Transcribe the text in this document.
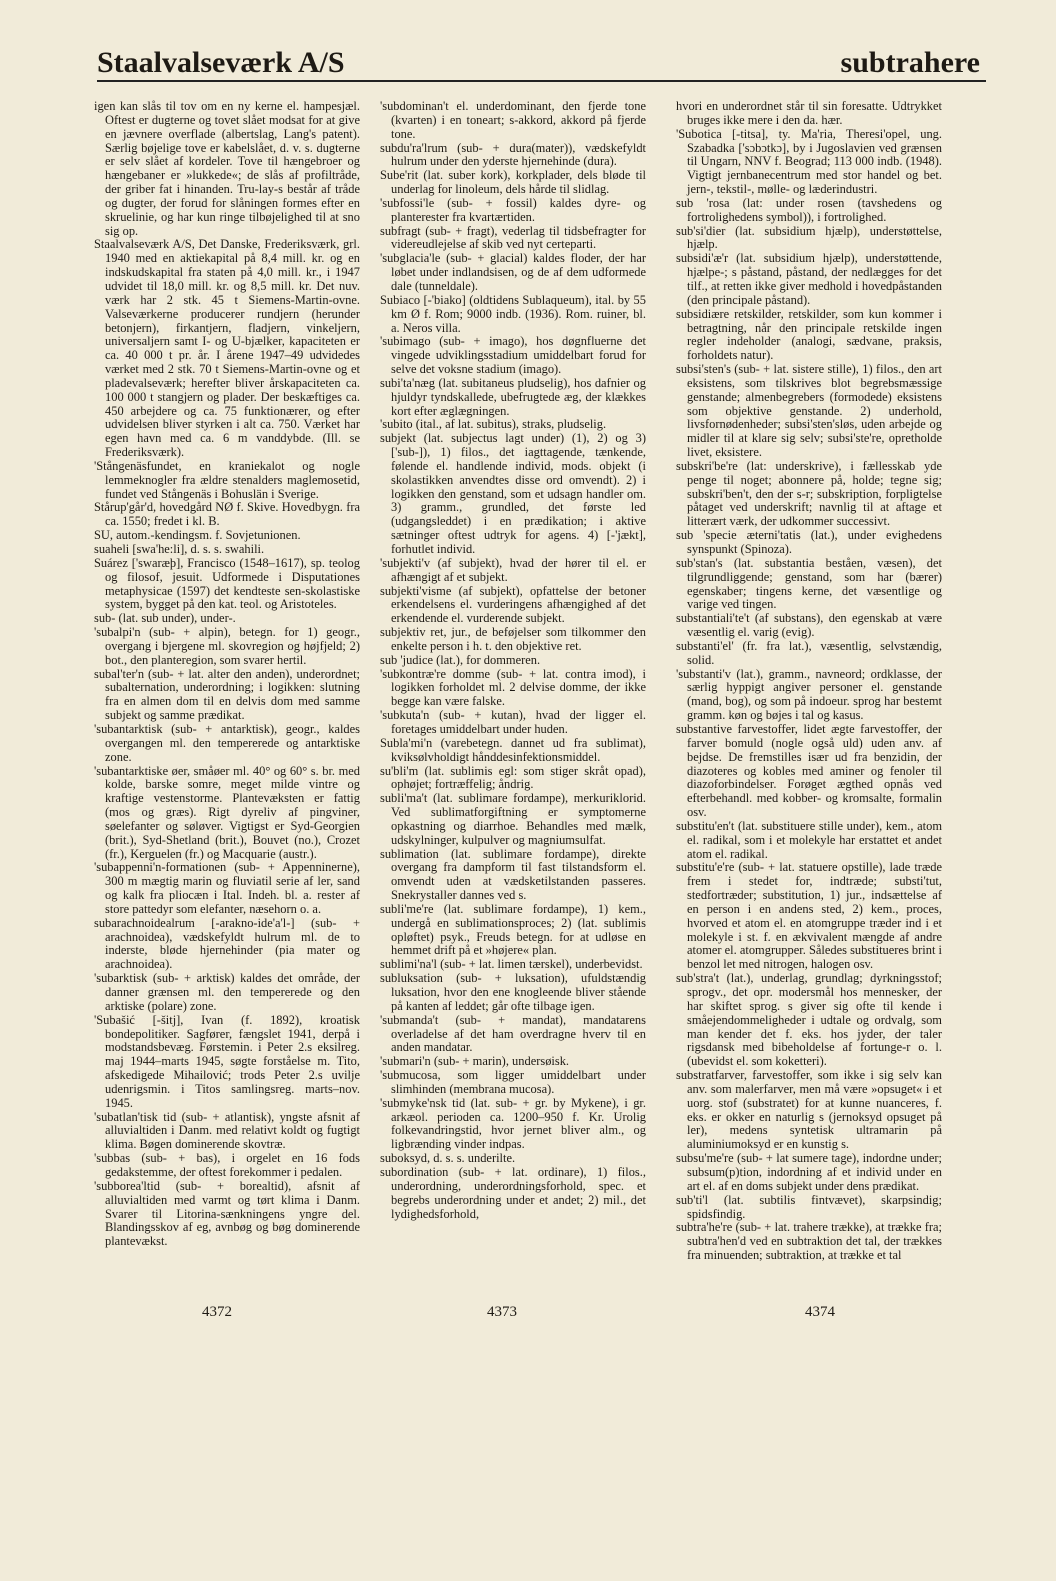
Staalvalseværk A/S	subtrahere

igen kan slås til tov om en ny kerne el. hampesjæl. Oftest er dugterne og tovet slået modsat for at give en jævnere overflade (albertslag, Lang's patent). Særlig bøjelige tove er kabelslået, d. v. s. dugterne er selv slået af kordeler. Tove til hængebroer og hængebaner er »lukkede«; de slås af profiltråde, der griber fat i hinanden. Tru-lay-s består af tråde og dugter, der forud for slåningen formes efter en skruelinie, og har kun ringe tilbøjelighed til at sno sig op.

Staalvalseværk A/S, Det Danske, Frederiksværk, grl. 1940 med en aktiekapital på 8,4 mill. kr. og en indskudskapital fra staten på 4,0 mill. kr., i 1947 udvidet til 18,0 mill. kr. og 8,5 mill. kr. Det nuv. værk har 2 stk. 45 t Siemens-Martin-ovne. Valseværkerne producerer rundjern (herunder betonjern), firkantjern, fladjern, vinkeljern, universaljern samt I- og U-bjælker, kapaciteten er ca. 40 000 t pr. år. I årene 1947–49 udvidedes værket med 2 stk. 70 t Siemens-Martin-ovne og et pladevalseværk; herefter bliver årskapaciteten ca. 100 000 t stangjern og plader. Der beskæftiges ca. 450 arbejdere og ca. 75 funktionærer, og efter udvidelsen bliver styrken i alt ca. 750. Værket har egen havn med ca. 6 m vanddybde. (Ill. se Frederiksværk).

'Stångenäsfundet, en kraniekalot og nogle lemmeknogler fra ældre stenalders maglemosetid, fundet ved Stångenäs i Bohuslän i Sverige.

Stårup'går'd, hovedgård NØ f. Skive. Hovedbygn. fra ca. 1550; fredet i kl. B.

SU, autom.-kendingsm. f. Sovjetunionen.

suaheli [swa'he:li], d. s. s. swahili.

Suárez ['swaræþ], Francisco (1548–1617), sp. teolog og filosof, jesuit. Udformede i Disputationes metaphysicae (1597) det kendteste sen-skolastiske system, bygget på den kat. teol. og Aristoteles.

sub- (lat. sub under), under-.

'subalpi'n (sub- + alpin), betegn. for 1) geogr., overgang i bjergene ml. skovregion og højfjeld; 2) bot., den planteregion, som svarer hertil.

subal'ter'n (sub- + lat. alter den anden), underordnet; subalternation, underordning; i logikken: slutning fra en almen dom til en delvis dom med samme subjekt og samme prædikat.

'subantarktisk (sub- + antarktisk), geogr., kaldes overgangen ml. den tempererede og antarktiske zone.

'subantarktiske øer, småøer ml. 40° og 60° s. br. med kolde, barske somre, meget milde vintre og kraftige vestenstorme. Plantevæksten er fattig (mos og græs). Rigt dyreliv af pingviner, søelefanter og søløver. Vigtigst er Syd-Georgien (brit.), Syd-Shetland (brit.), Bouvet (no.), Crozet (fr.), Kerguelen (fr.) og Macquarie (austr.).

'subappenni'n-formationen (sub- + Appenninerne), 300 m mægtig marin og fluviatil serie af ler, sand og kalk fra pliocæn i Ital. Indeh. bl. a. rester af store pattedyr som elefanter, næsehorn o. a.

subarachnoidealrum [-arakno-ide'a'l-] (sub- + arachnoidea), vædskefyldt hulrum ml. de to inderste, bløde hjernehinder (pia mater og arachnoidea).

'subarktisk (sub- + arktisk) kaldes det område, der danner grænsen ml. den tempererede og den arktiske (polare) zone.

'Subašić [-šitj], Ivan (f. 1892), kroatisk bondepolitiker. Sagfører, fængslet 1941, derpå i modstandsbevæg. Førstemin. i Peter 2.s eksilreg. maj 1944–marts 1945, søgte forståelse m. Tito, afskedigede Mihailović; trods Peter 2.s uvilje udenrigsmin. i Titos samlingsreg. marts–nov. 1945.

'subatlan'tisk tid (sub- + atlantisk), yngste afsnit af alluvialtiden i Danm. med relativt koldt og fugtigt klima. Bøgen dominerende skovtræ.

'subbas (sub- + bas), i orgelet en 16 fods gedakstemme, der oftest forekommer i pedalen.

'subborea'ltid (sub- + borealtid), afsnit af alluvialtiden med varmt og tørt klima i Danm. Svarer til Litorina-sænkningens yngre del. Blandingsskov af eg, avnbøg og bøg dominerende plantevækst.

'subdominan't el. underdominant, den fjerde tone (kvarten) i en toneart; s-akkord, akkord på fjerde tone.

subdu'ra'lrum (sub- + dura(mater)), vædskefyldt hulrum under den yderste hjernehinde (dura).

Sube'rit (lat. suber kork), korkplader, dels bløde til underlag for linoleum, dels hårde til slidlag.

'subfossi'le (sub- + fossil) kaldes dyre- og planterester fra kvartærtiden.

subfragt (sub- + fragt), vederlag til tidsbefragter for videreudlejelse af skib ved nyt certeparti.

'subglacia'le (sub- + glacial) kaldes floder, der har løbet under indlandsisen, og de af dem udformede dale (tunneldale).

Subiaco [-'biako] (oldtidens Sublaqueum), ital. by 55 km Ø f. Rom; 9000 indb. (1936). Rom. ruiner, bl. a. Neros villa.

'subimago (sub- + imago), hos døgnfluerne det vingede udviklingsstadium umiddelbart forud for selve det voksne stadium (imago).

subi'ta'næg (lat. subitaneus pludselig), hos dafnier og hjuldyr tyndskallede, ubefrugtede æg, der klækkes kort efter æglægningen.

'subito (ital., af lat. subitus), straks, pludselig.

subjekt (lat. subjectus lagt under) (1), 2) og 3) ['sub-]), 1) filos., det iagttagende, tænkende, følende el. handlende individ, mods. objekt (i skolastikken anvendtes disse ord omvendt). 2) i logikken den genstand, som et udsagn handler om. 3) gramm., grundled, det første led (udgangsleddet) i en prædikation; i aktive sætninger oftest udtryk for agens. 4) [-'jækt], forhutlet individ.

'subjekti'v (af subjekt), hvad der hører til el. er afhængigt af et subjekt.

subjekti'visme (af subjekt), opfattelse der betoner erkendelsens el. vurderingens afhængighed af det erkendende el. vurderende subjekt.

subjektiv ret, jur., de beføjelser som tilkommer den enkelte person i h. t. den objektive ret.

sub 'judice (lat.), for dommeren.

'subkontræ're domme (sub- + lat. contra imod), i logikken forholdet ml. 2 delvise domme, der ikke begge kan være falske.

'subkuta'n (sub- + kutan), hvad der ligger el. foretages umiddelbart under huden.

Subla'mi'n (varebetegn. dannet ud fra sublimat), kviksølvholdigt hånddesinfektionsmiddel.

su'bli'm (lat. sublimis egl: som stiger skråt opad), ophøjet; fortræffelig; åndrig.

subli'ma't (lat. sublimare fordampe), merkuriklorid. Ved sublimatforgiftning er symptomerne opkastning og diarrhoe. Behandles med mælk, udskylninger, kulpulver og magniumsulfat.

sublimation (lat. sublimare fordampe), direkte overgang fra dampform til fast tilstandsform el. omvendt uden at vædsketilstanden passeres. Snekrystaller dannes ved s.

subli'me're (lat. sublimare fordampe), 1) kem., undergå en sublimationsproces; 2) (lat. sublimis opløftet) psyk., Freuds betegn. for at udløse en hemmet drift på et »højere« plan.

sublimi'na'l (sub- + lat. limen tærskel), underbevidst.

subluksation (sub- + luksation), ufuldstændig luksation, hvor den ene knogleende bliver stående på kanten af leddet; går ofte tilbage igen.

'submanda't (sub- + mandat), mandatarens overladelse af det ham overdragne hverv til en anden mandatar.

'submari'n (sub- + marin), undersøisk.

'submucosa, som ligger umiddelbart under slimhinden (membrana mucosa).

'submyke'nsk tid (lat. sub- + gr. by Mykene), i gr. arkæol. perioden ca. 1200–950 f. Kr. Urolig folkevandringstid, hvor jernet bliver alm., og ligbrænding vinder indpas.

suboksyd, d. s. s. underilte.

subordination (sub- + lat. ordinare), 1) filos., underordning, underordningsforhold, spec. et begrebs underordning under et andet; 2) mil., det lydighedsforhold,

hvori en underordnet står til sin foresatte. Udtrykket bruges ikke mere i den da. hær.

'Subotica [-titsa], ty. Ma'ria, Theresi'opel, ung. Szabadka ['sɔbɔtkɔ], by i Jugoslavien ved grænsen til Ungarn, NNV f. Beograd; 113 000 indb. (1948). Vigtigt jernbanecentrum med stor handel og bet. jern-, tekstil-, mølle- og læderindustri.

sub 'rosa (lat: under rosen (tavshedens og fortrolighedens symbol)), i fortrolighed.

sub'si'dier (lat. subsidium hjælp), understøttelse, hjælp.

subsidi'æ'r (lat. subsidium hjælp), understøttende, hjælpe-; s påstand, påstand, der nedlægges for det tilf., at retten ikke giver medhold i hovedpåstanden (den principale påstand).

subsidiære retskilder, retskilder, som kun kommer i betragtning, når den principale retskilde ingen regler indeholder (analogi, sædvane, praksis, forholdets natur).

subsi'sten's (sub- + lat. sistere stille), 1) filos., den art eksistens, som tilskrives blot begrebsmæssige genstande; almenbegrebers (formodede) eksistens som objektive genstande. 2) underhold, livsfornødenheder; subsi'sten'sløs, uden arbejde og midler til at klare sig selv; subsi'ste're, opretholde livet, eksistere.

subskri'be're (lat: underskrive), i fællesskab yde penge til noget; abonnere på, holde; tegne sig; subskri'ben't, den der s-r; subskription, forpligtelse påtaget ved underskrift; navnlig til at aftage et litterært værk, der udkommer successivt.

sub 'specie æterni'tatis (lat.), under evighedens synspunkt (Spinoza).

sub'stan's (lat. substantia beståen, væsen), det tilgrundliggende; genstand, som har (bærer) egenskaber; tingens kerne, det væsentlige og varige ved tingen.

substantiali'te't (af substans), den egenskab at være væsentlig el. varig (evig).

substanti'el' (fr. fra lat.), væsentlig, selvstændig, solid.

'substanti'v (lat.), gramm., navneord; ordklasse, der særlig hyppigt angiver personer el. genstande (mand, bog), og som på indoeur. sprog har bestemt gramm. køn og bøjes i tal og kasus.

substantive farvestoffer, lidet ægte farvestoffer, der farver bomuld (nogle også uld) uden anv. af bejdse. De fremstilles især ud fra benzidin, der diazoteres og kobles med aminer og fenoler til diazoforbindelser. Forøget ægthed opnås ved efterbehandl. med kobber- og kromsalte, formalin osv.

substitu'en't (lat. substituere stille under), kem., atom el. radikal, som i et molekyle har erstattet et andet atom el. radikal.

substitu'e're (sub- + lat. statuere opstille), lade træde frem i stedet for, indtræde; substi'tut, stedfortræder; substitution, 1) jur., indsættelse af en person i en andens sted, 2) kem., proces, hvorved et atom el. en atomgruppe træder ind i et molekyle i st. f. en ækvivalent mængde af andre atomer el. atomgrupper. Således substitueres brint i benzol let med nitrogen, halogen osv.

sub'stra't (lat.), underlag, grundlag; dyrkningsstof; sprogv., det opr. modersmål hos mennesker, der har skiftet sprog. s giver sig ofte til kende i småejendommeligheder i udtale og ordvalg, som man kender det f. eks. hos jyder, der taler rigsdansk med bibeholdelse af fortunge-r o. l. (ubevidst el. som koketteri).

substratfarver, farvestoffer, som ikke i sig selv kan anv. som malerfarver, men må være »opsuget« i et uorg. stof (substratet) for at kunne nuanceres, f. eks. er okker en naturlig s (jernoksyd opsuget på ler), medens syntetisk ultramarin på aluminiumoksyd er en kunstig s.

subsu'me're (sub- + lat sumere tage), indordne under; subsum(p)tion, indordning af et individ under en art el. af en doms subjekt under dens prædikat.

sub'ti'l (lat. subtilis fintvævet), skarpsindig; spidsfindig.

subtra'he're (sub- + lat. trahere trække), at trække fra; subtra'hen'd ved en subtraktion det tal, der trækkes fra minuenden; subtraktion, at trække et tal

4372	4373	4374
